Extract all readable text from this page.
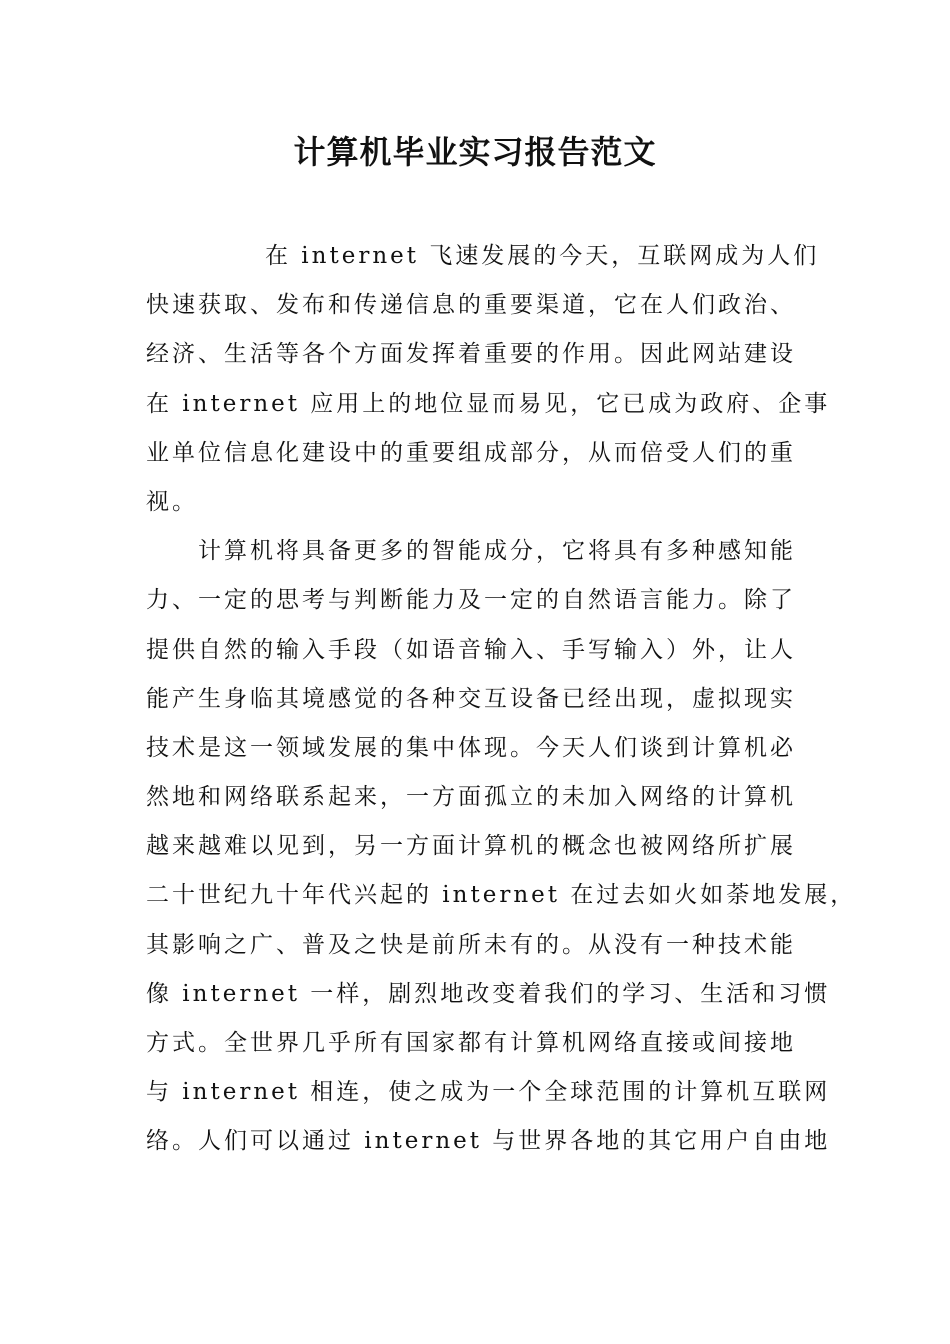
计算机毕业实习报告范文

在 internet 飞速发展的今天，互联网成为人们
快速获取、发布和传递信息的重要渠道，它在人们政治、
经济、生活等各个方面发挥着重要的作用。因此网站建设
在 internet 应用上的地位显而易见，它已成为政府、企事
业单位信息化建设中的重要组成部分，从而倍受人们的重
视。

计算机将具备更多的智能成分，它将具有多种感知能
力、一定的思考与判断能力及一定的自然语言能力。除了
提供自然的输入手段（如语音输入、手写输入）外，让人
能产生身临其境感觉的各种交互设备已经出现，虚拟现实
技术是这一领域发展的集中体现。今天人们谈到计算机必
然地和网络联系起来，一方面孤立的未加入网络的计算机
越来越难以见到，另一方面计算机的概念也被网络所扩展
二十世纪九十年代兴起的 internet 在过去如火如荼地发展，
其影响之广、普及之快是前所未有的。从没有一种技术能
像 internet 一样，剧烈地改变着我们的学习、生活和习惯
方式。全世界几乎所有国家都有计算机网络直接或间接地
与 internet 相连，使之成为一个全球范围的计算机互联网
络。人们可以通过 internet 与世界各地的其它用户自由地
